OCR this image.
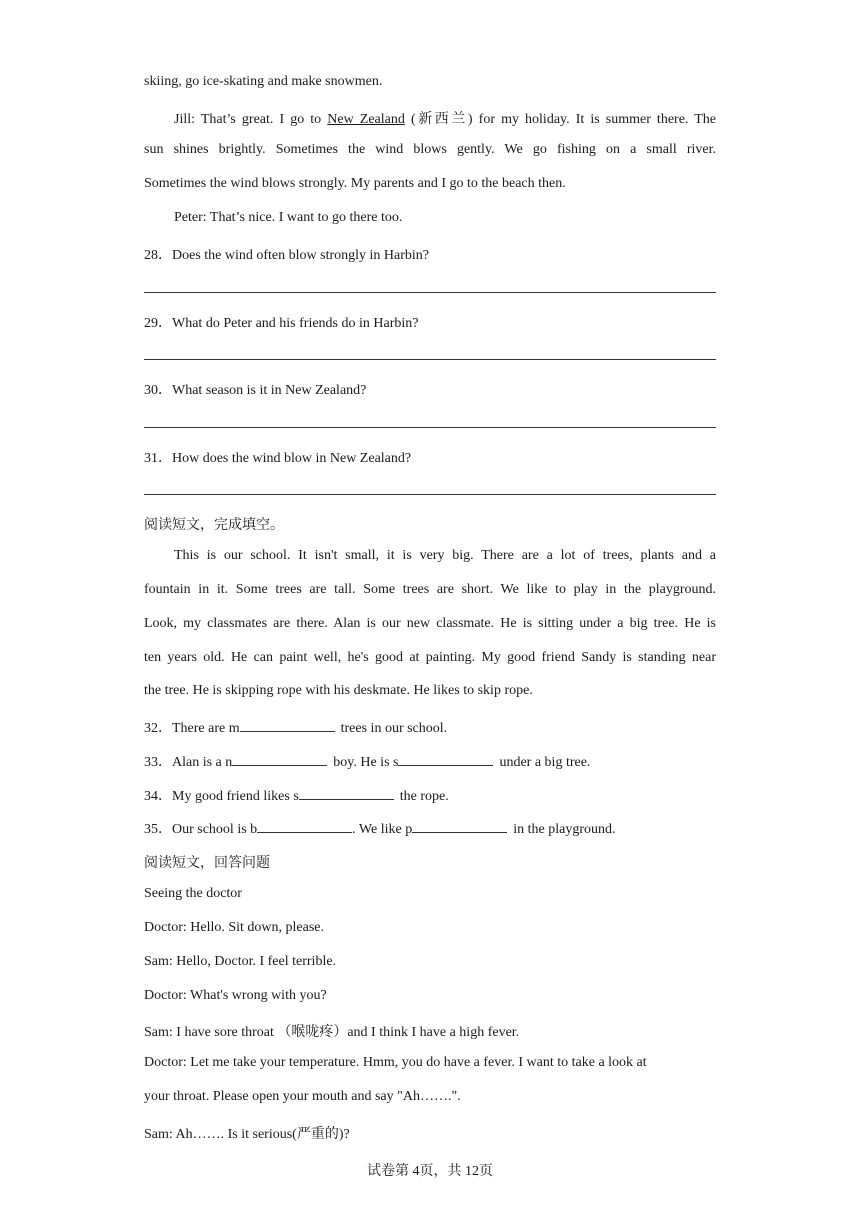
skiing, go ice-skating and make snowmen.
Jill: That’s great. I go to New Zealand (新西兰) for my holiday. It is summer there. The
sun shines brightly. Sometimes the wind blows gently. We go fishing on a small river.
Sometimes the wind blows strongly. My parents and I go to the beach then.
Peter: That’s nice. I want to go there too.
28．Does the wind often blow strongly in Harbin?
29．What do Peter and his friends do in Harbin?
30．What season is it in New Zealand?
31．How does the wind blow in New Zealand?
阅读短文，完成填空。
This is our school. It isn't small, it is very big. There are a lot of trees, plants and a
fountain in it. Some trees are tall. Some trees are short. We like to play in the playground.
Look, my classmates are there. Alan is our new classmate. He is sitting under a big tree. He is
ten years old. He can paint well, he's good at painting. My good friend Sandy is standing near
the tree. He is skipping rope with his deskmate. He likes to skip rope.
32．There are m	trees in our school.
33．Alan is a n	boy. He is s	under a big tree.
34．My good friend likes s	the rope.
35．Our school is b	. We like p	in the playground.
阅读短文，回答问题
Seeing the doctor
Doctor: Hello. Sit down, please.
Sam: Hello, Doctor. I feel terrible.
Doctor: What's wrong with you?
Sam: I have sore throat （喉咙疼）and I think I have a high fever.
Doctor: Let me take your temperature. Hmm, you do have a fever. I want to take a look at
your throat. Please open your mouth and say "Ah…….".
Sam: Ah……. Is it serious(严重的)?
试卷第 4页，共 12页
